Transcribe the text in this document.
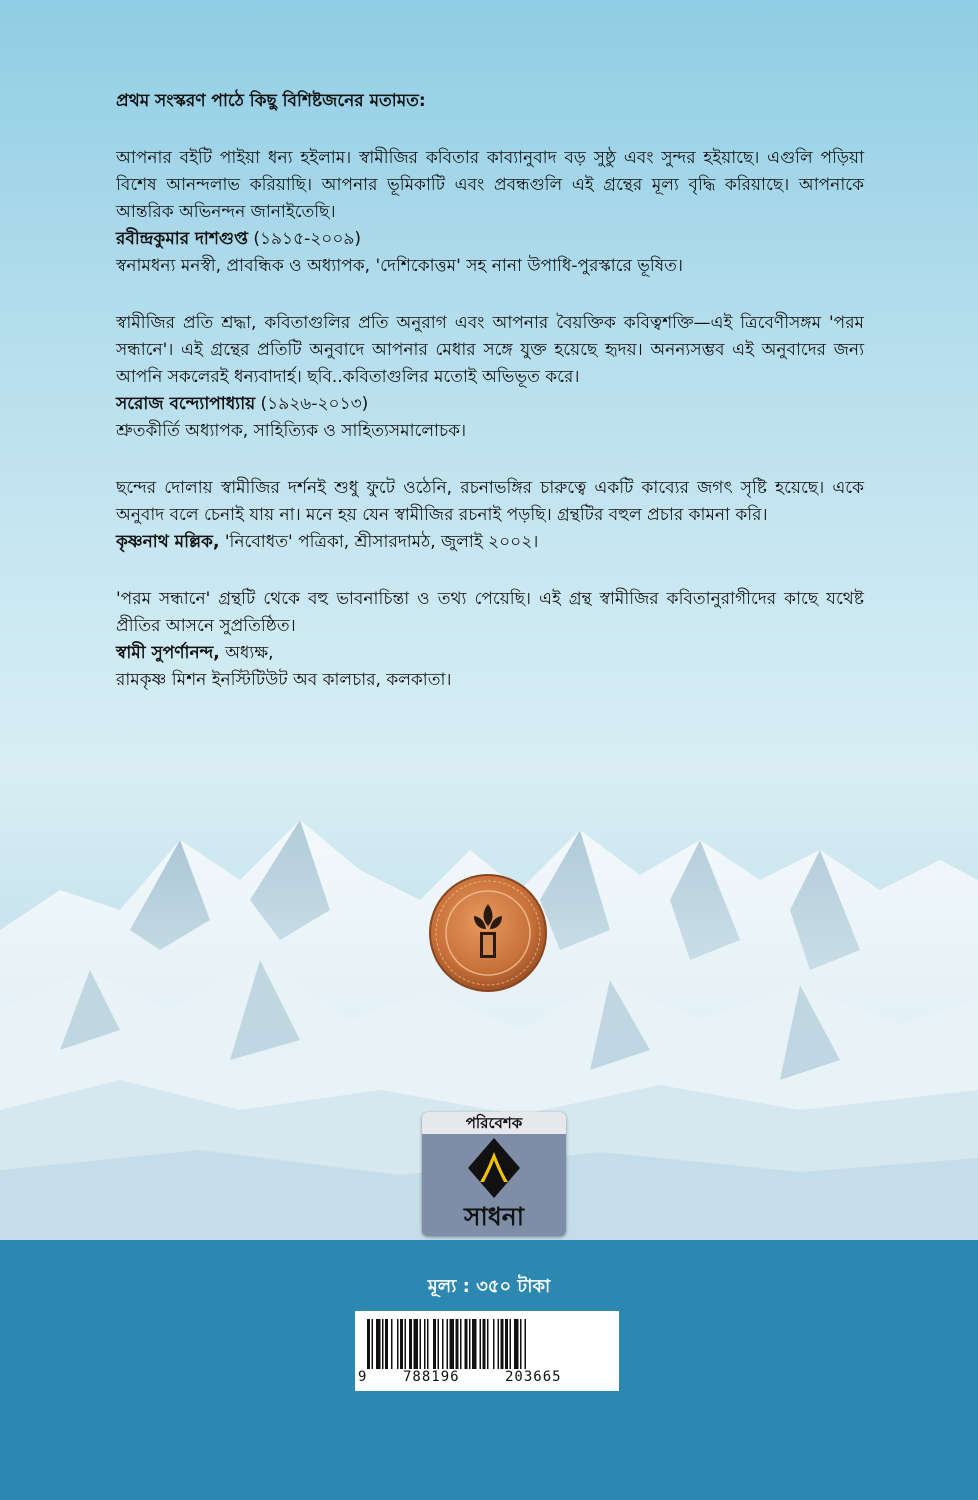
প্রথম সংস্করণ পাঠে কিছু বিশিষ্টজনের মতামত:

আপনার বইটি পাইয়া ধন্য হইলাম। স্বামীজির কবিতার কাব্যানুবাদ বড় সুষ্ঠু এবং সুন্দর হইয়াছে। এগুলি পড়িয়া বিশেষ আনন্দলাভ করিয়াছি। আপনার ভূমিকাটি এবং প্রবন্ধগুলি এই গ্রন্থের মূল্য বৃদ্ধি করিয়াছে। আপনাকে আন্তরিক অভিনন্দন জানাইতেছি।

রবীন্দ্রকুমার দাশগুপ্ত (১৯১৫-২০০৯)

স্বনামধন্য মনস্বী, প্রাবন্ধিক ও অধ্যাপক, 'দেশিকোত্তম' সহ নানা উপাধি-পুরস্কারে ভূষিত।

স্বামীজির প্রতি শ্রদ্ধা, কবিতাগুলির প্রতি অনুরাগ এবং আপনার বৈয়ক্তিক কবিত্বশক্তি—এই ত্রিবেণীসঙ্গম 'পরম সন্ধানে'। এই গ্রন্থের প্রতিটি অনুবাদে আপনার মেধার সঙ্গে যুক্ত হয়েছে হৃদয়। অনন্যসম্ভব এই অনুবাদের জন্য আপনি সকলেরই ধন্যবাদার্হ। ছবি..কবিতাগুলির মতোই অভিভূত করে।

সরোজ বন্দ্যোপাধ্যায় (১৯২৬-২০১৩)

শ্রুতকীর্তি অধ্যাপক, সাহিত্যিক ও সাহিত্যসমালোচক।

ছন্দের দোলায় স্বামীজির দর্শনই শুধু ফুটে ওঠেনি, রচনাভঙ্গির চারুত্বে একটি কাব্যের জগৎ সৃষ্টি হয়েছে। একে অনুবাদ বলে চেনাই যায় না। মনে হয় যেন স্বামীজির রচনাই পড়ছি। গ্রন্থটির বহুল প্রচার কামনা করি।

কৃষ্ণনাথ মল্লিক, 'নিবোধত' পত্রিকা, শ্রীসারদামঠ, জুলাই ২০০২।

'পরম সন্ধানে' গ্রন্থটি থেকে বহু ভাবনাচিন্তা ও তথ্য পেয়েছি। এই গ্রন্থ স্বামীজির কবিতানুরাগীদের কাছে যথেষ্ট প্রীতির আসনে সুপ্রতিষ্ঠিত।

স্বামী সুপর্ণানন্দ, অধ্যক্ষ,

রামকৃষ্ণ মিশন ইনস্টিটিউট অব কালচার, কলকাতা।

পরিবেশক
সাধনা
মূল্য : ৩৫০ টাকা
9	788196	203665
